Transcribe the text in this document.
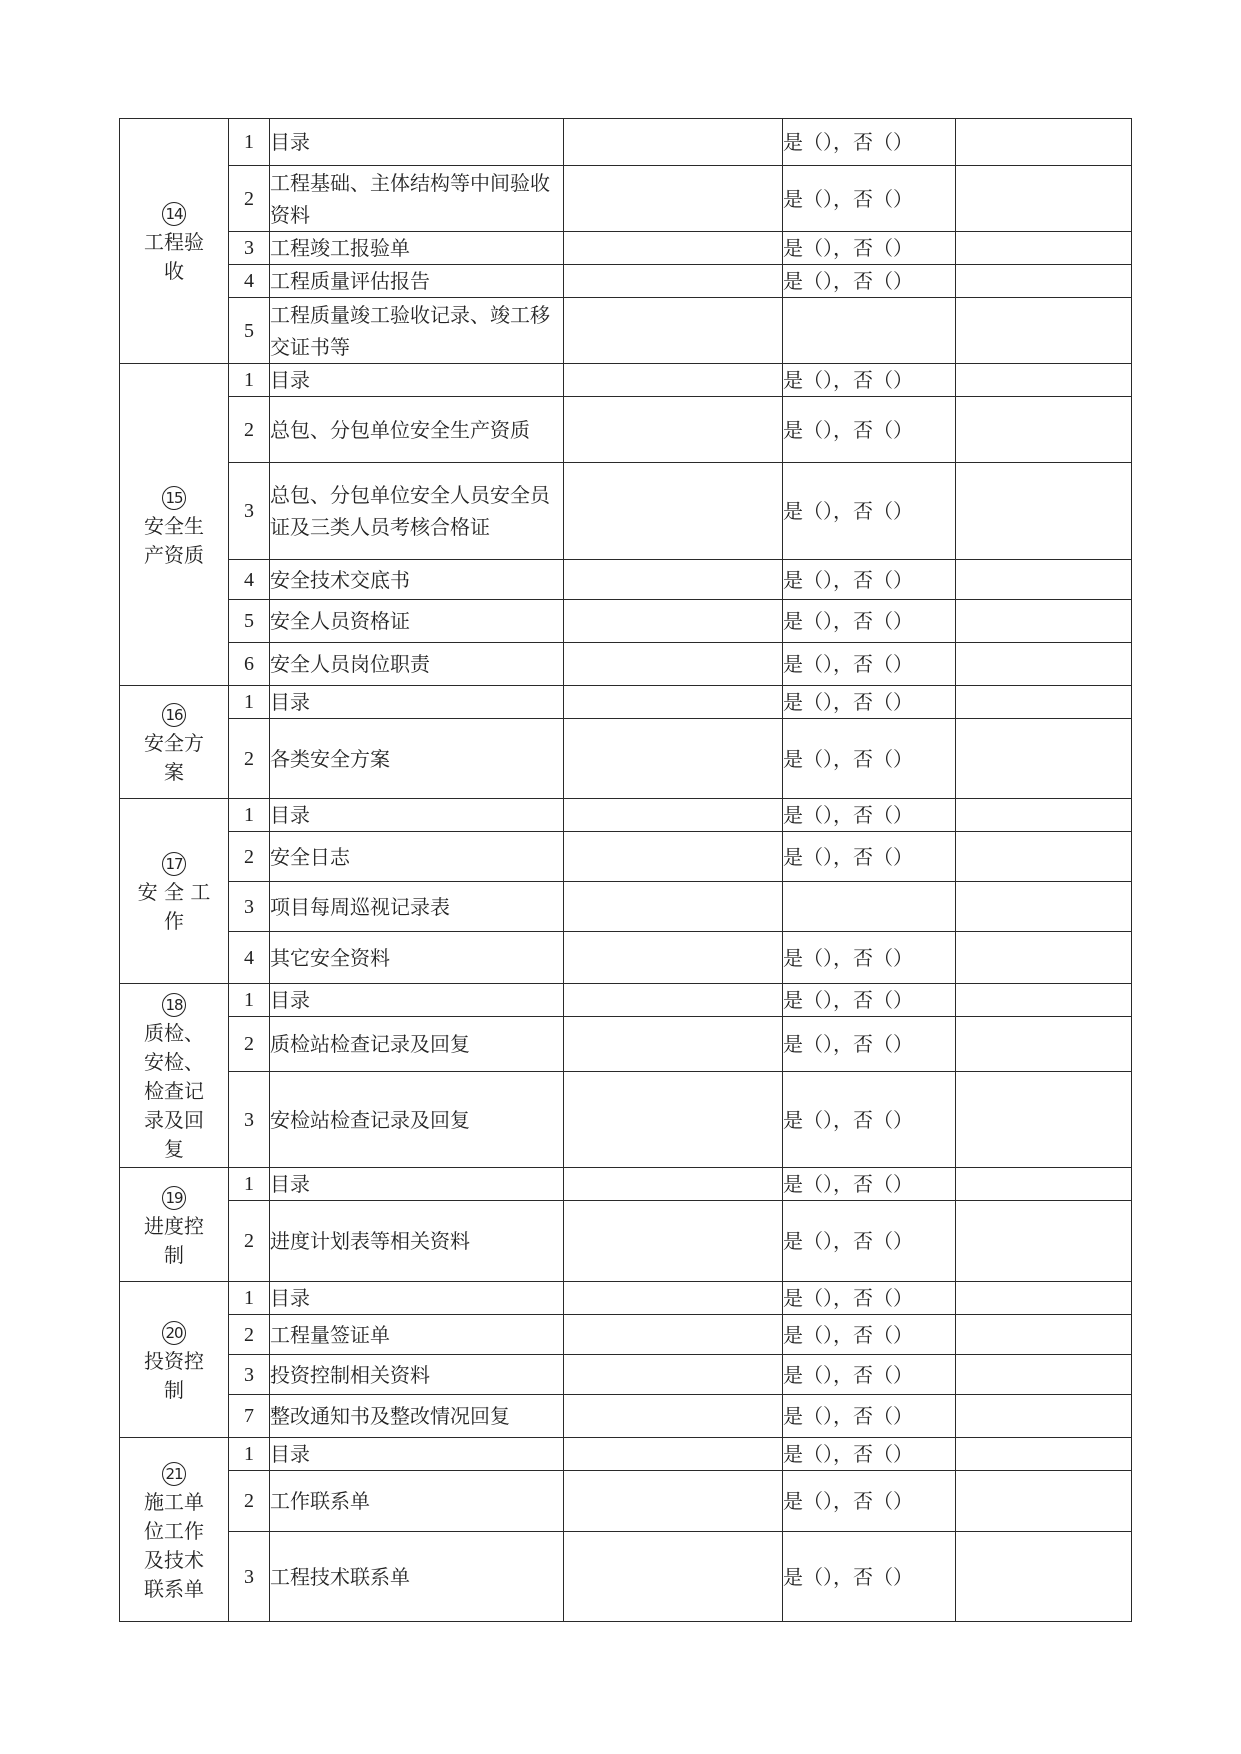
14
工程验收	1	目录		是（），否（）	
	2	工程基础、主体结构等中间验收资料		是（），否（）	
	3	工程竣工报验单		是（），否（）	
	4	工程质量评估报告		是（），否（）	
	5	工程质量竣工验收记录、竣工移交证书等			
15
安全生产资质	1	目录		是（），否（）	
	2	总包、分包单位安全生产资质		是（），否（）	
	3	总包、分包单位安全人员安全员证及三类人员考核合格证		是（），否（）	
	4	安全技术交底书		是（），否（）	
	5	安全人员资格证		是（），否（）	
	6	安全人员岗位职责		是（），否（）	
16
安全方案	1	目录		是（），否（）	
	2	各类安全方案		是（），否（）	
17
安 全 工作	1	目录		是（），否（）	
	2	安全日志		是（），否（）	
	3	项目每周巡视记录表			
	4	其它安全资料		是（），否（）	
18
质检、安检、检查记录及回复	1	目录		是（），否（）	
	2	质检站检查记录及回复		是（），否（）	
	3	安检站检查记录及回复		是（），否（）	
19
进度控制	1	目录		是（），否（）	
	2	进度计划表等相关资料		是（），否（）	
20
投资控制	1	目录		是（），否（）	
	2	工程量签证单		是（），否（）	
	3	投资控制相关资料		是（），否（）	
	7	整改通知书及整改情况回复		是（），否（）	
21
施工单位工作及技术联系单	1	目录		是（），否（）	
	2	工作联系单		是（），否（）	
	3	工程技术联系单		是（），否（）	
